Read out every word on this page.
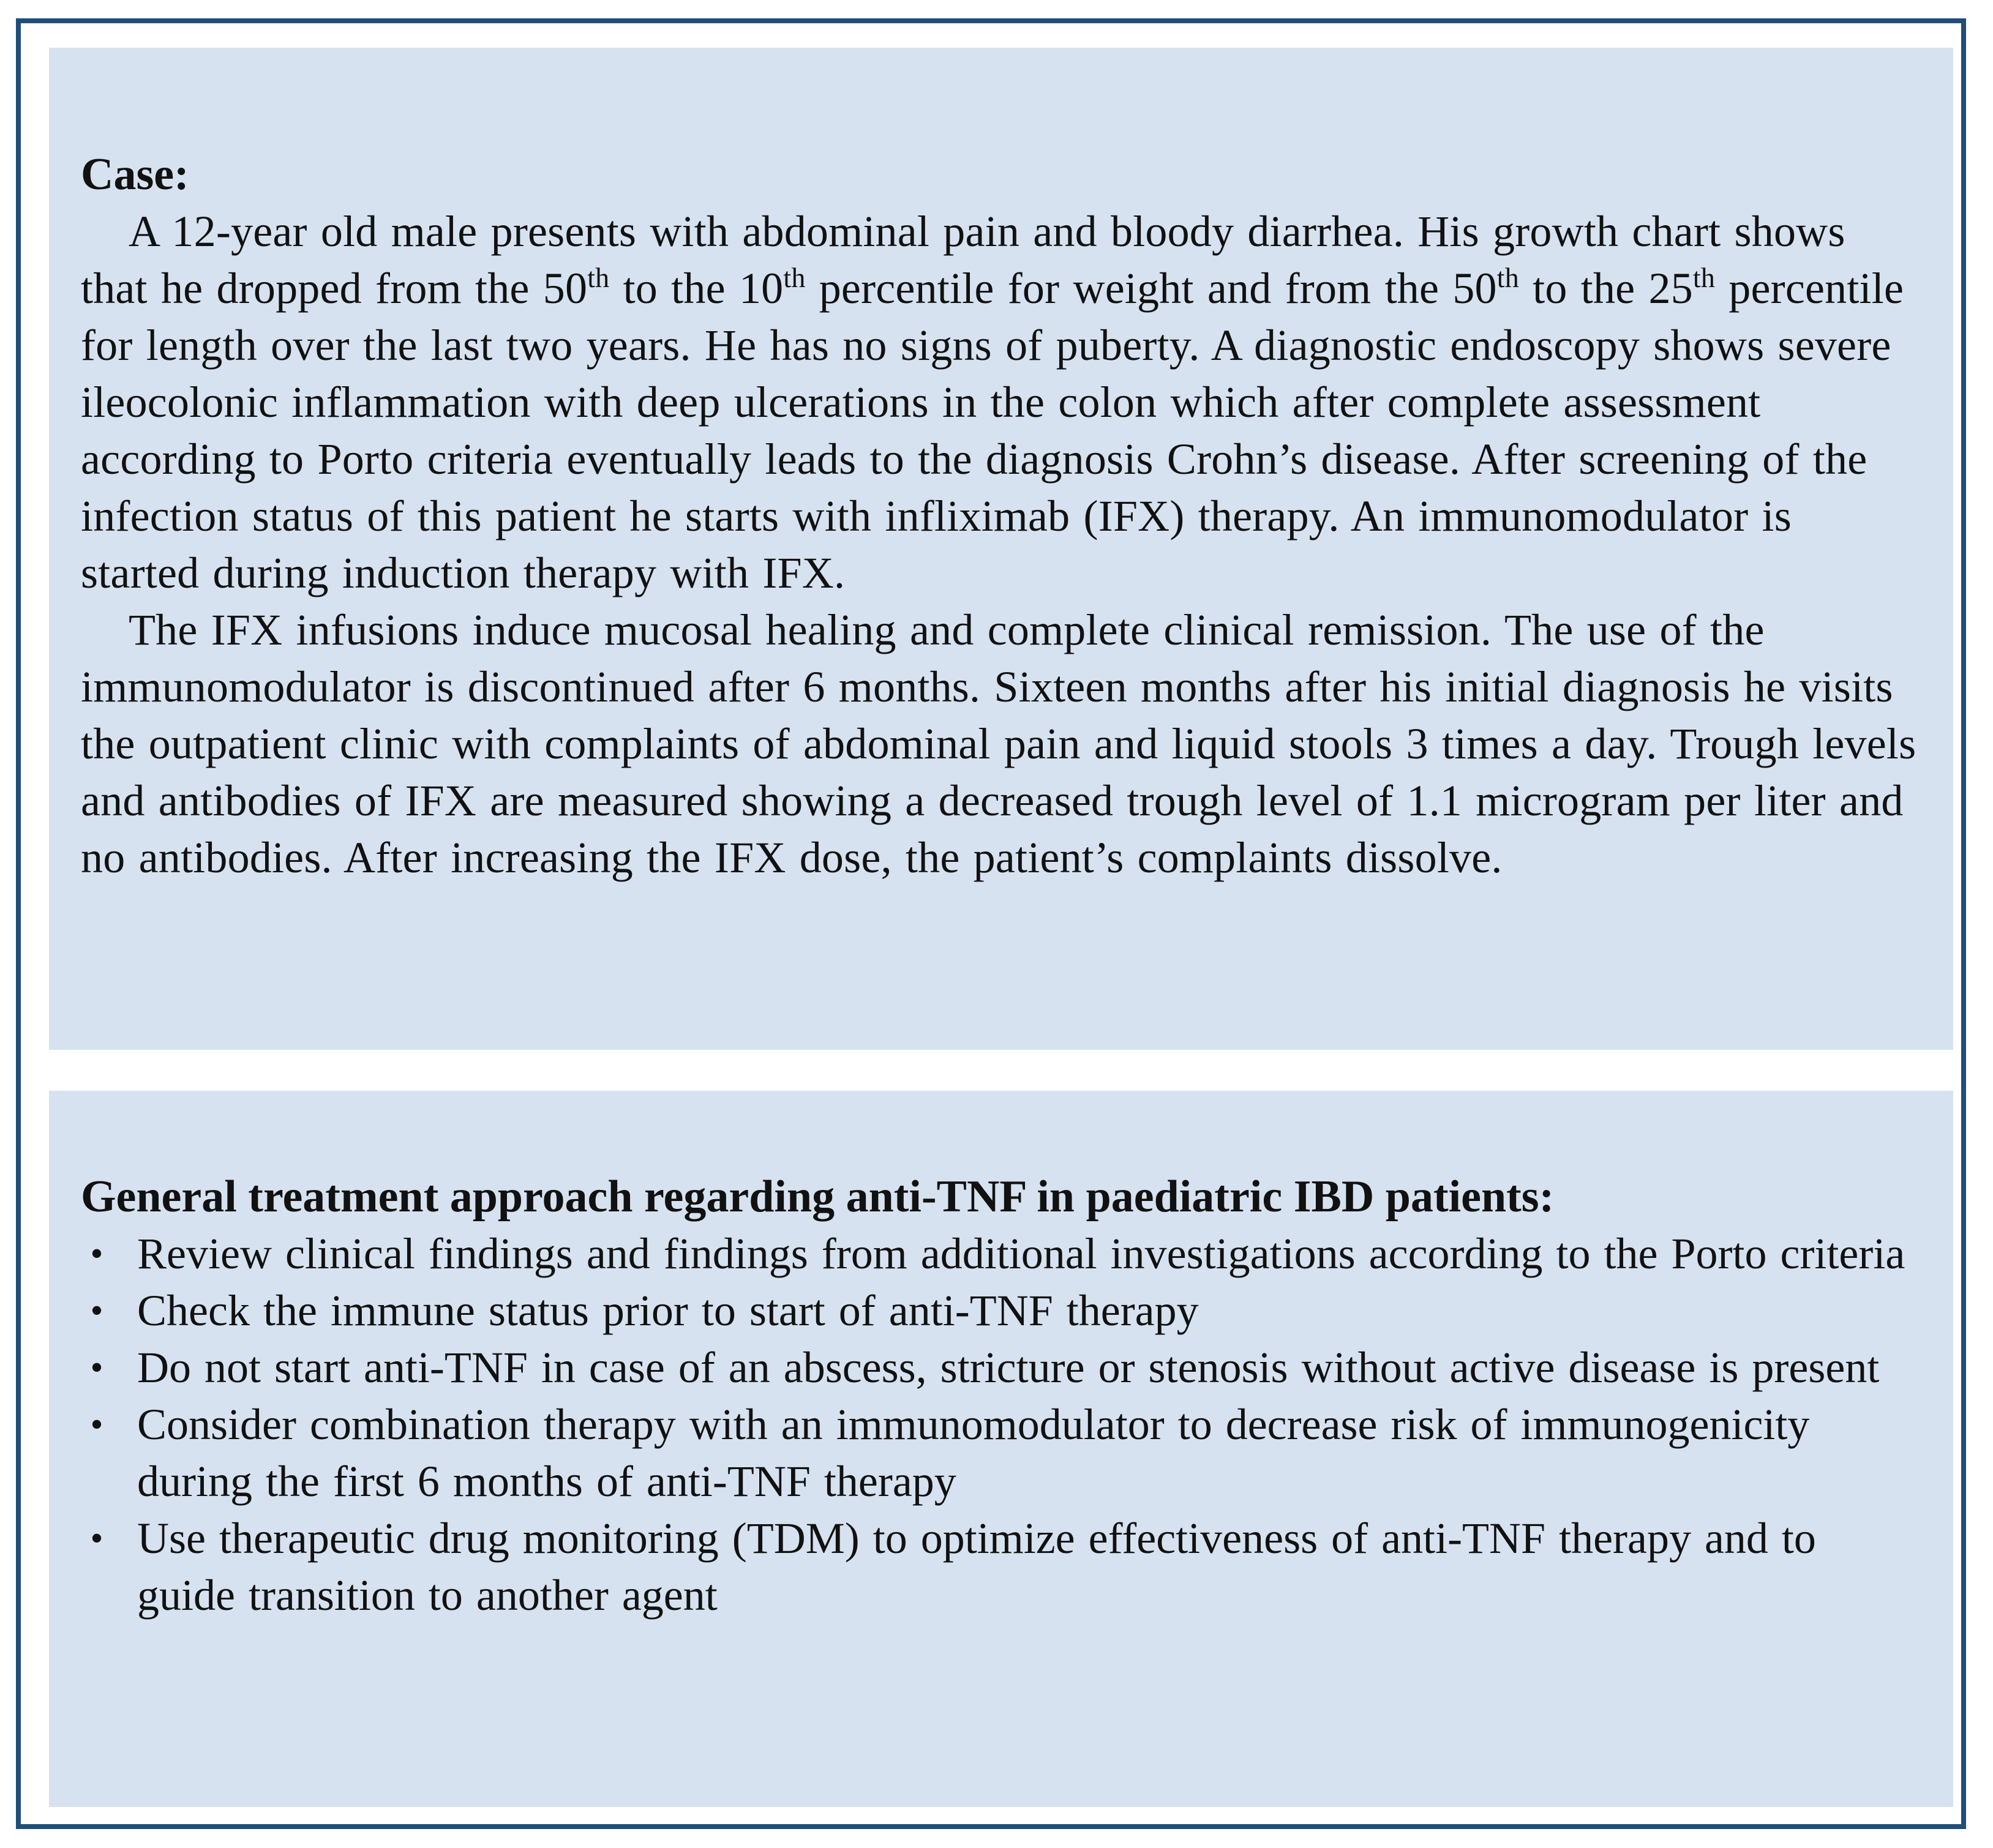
Case:

A 12-year old male presents with abdominal pain and bloody diarrhea. His growth chart shows that he dropped from the 50th to the 10th percentile for weight and from the 50th to the 25th percentile for length over the last two years. He has no signs of puberty. A diagnostic endoscopy shows severe ileocolonic inflammation with deep ulcerations in the colon which after complete assessment according to Porto criteria eventually leads to the diagnosis Crohn’s disease. After screening of the infection status of this patient he starts with infliximab (IFX) therapy. An immunomodulator is started during induction therapy with IFX.

The IFX infusions induce mucosal healing and complete clinical remission. The use of the immunomodulator is discontinued after 6 months. Sixteen months after his initial diagnosis he visits the outpatient clinic with complaints of abdominal pain and liquid stools 3 times a day. Trough levels and antibodies of IFX are measured showing a decreased trough level of 1.1 microgram per liter and no antibodies. After increasing the IFX dose, the patient’s complaints dissolve.

General treatment approach regarding anti-TNF in paediatric IBD patients:

• Review clinical findings and findings from additional investigations according to the Porto criteria
• Check the immune status prior to start of anti-TNF therapy
• Do not start anti-TNF in case of an abscess, stricture or stenosis without active disease is present
• Consider combination therapy with an immunomodulator to decrease risk of immunogenicity during the first 6 months of anti-TNF therapy
• Use therapeutic drug monitoring (TDM) to optimize effectiveness of anti-TNF therapy and to guide transition to another agent
